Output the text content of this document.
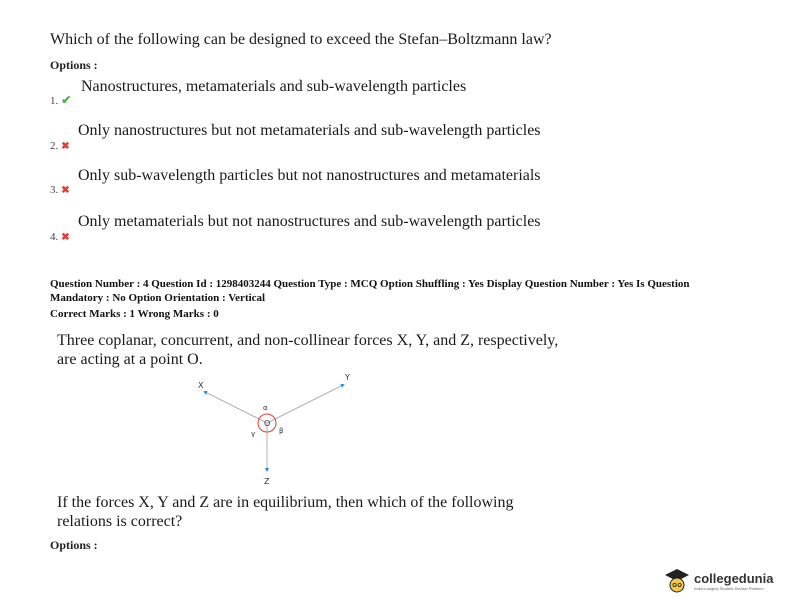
Which of the following can be designed to exceed the Stefan–Boltzmann law?
Options :
1. ✔
Nanostructures, metamaterials and sub-wavelength particles
2. ✖
Only nanostructures but not metamaterials and sub-wavelength particles
3. ✖
Only sub-wavelength particles but not nanostructures and metamaterials
4. ✖
Only metamaterials but not nanostructures and sub-wavelength particles
Question Number : 4 Question Id : 1298403244 Question Type : MCQ Option Shuffling : Yes Display Question Number : Yes Is Question
Mandatory : No Option Orientation : Vertical
Correct Marks : 1 Wrong Marks : 0
Three coplanar, concurrent, and non-collinear forces X, Y, and Z, respectively,
are acting at a point O.
X
Y
Z
O
α
β
γ
If the forces X, Y and Z are in equilibrium, then which of the following
relations is correct?
Options :
collegedunia
India's largest Student Review Platform
